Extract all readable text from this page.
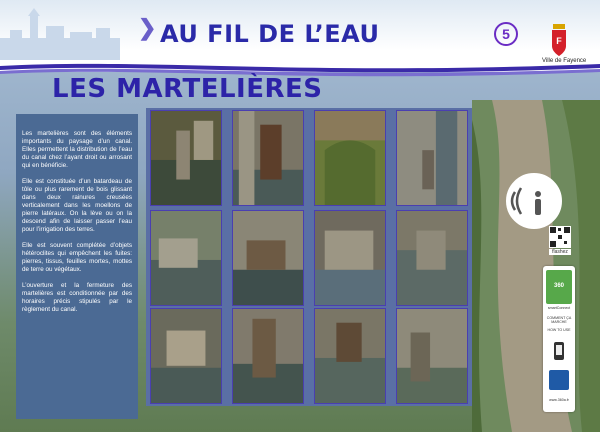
❯ AU FIL DE L’EAU	5	F
Ville de Fayence
LES MARTELIÈRES

Les martelières sont des éléments importants du paysage d’un canal. Elles permettent la distribution de l’eau du canal chez l’ayant droit ou arrosant qui en bénéficie.

Elle est constituée d’un batardeau de tôle ou plus rarement de bois glissant dans deux rainures creusées verticalement dans les moellons de pierre latéraux. On la lève ou on la descend afin de laisser passer l’eau pour l’irrigation des terres.

Elle est souvent complétée d’objets hétéroclites qui empêchent les fuites: pierres, tissus, feuilles mortes, mottes de terre ou végétaux.

L’ouverture et la fermeture des martelières est conditionnée par des horaires précis stipulés par le règlement du canal.

flashez
360
smartConnect
COMMENT ÇA MARCHE
HOW TO USE
www.360a.fr
